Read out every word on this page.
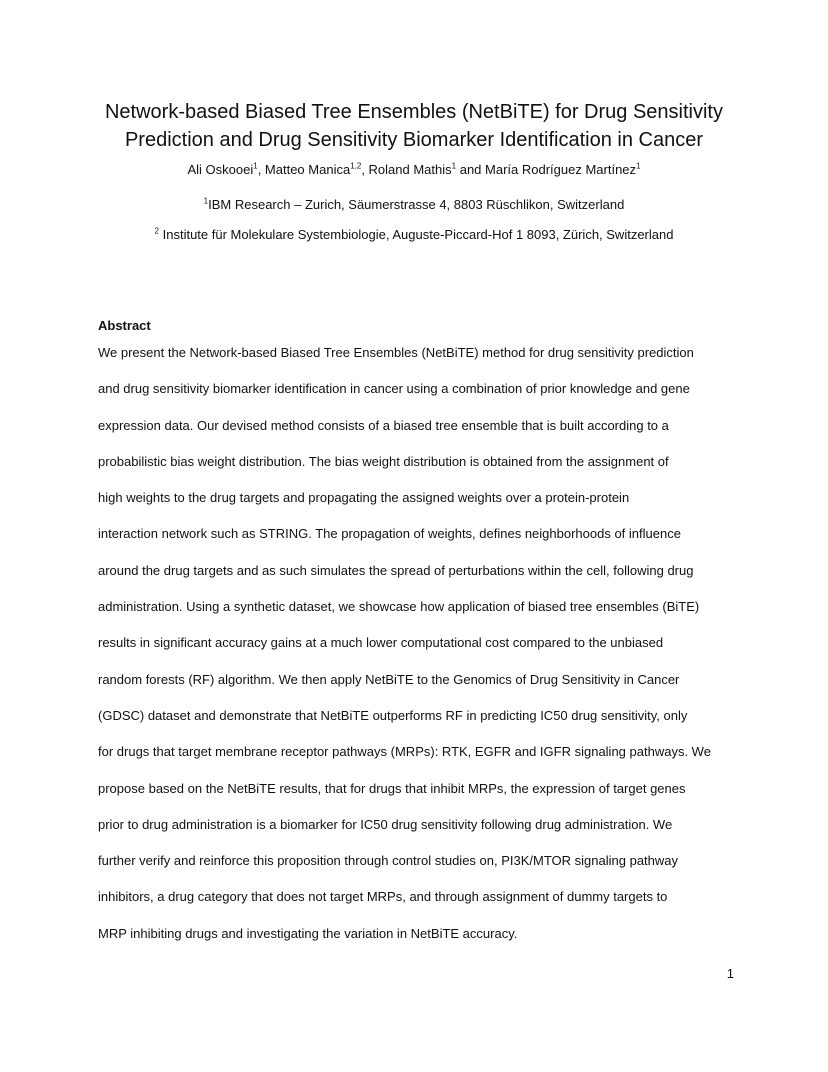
Network-based Biased Tree Ensembles (NetBiTE) for Drug Sensitivity
Prediction and Drug Sensitivity Biomarker Identification in Cancer
Ali Oskooei$^1$, Matteo Manica$^{1,2}$, Roland Mathis$^1$ and María Rodríguez Martínez$^1$
$^1$IBM Research – Zurich, Säumerstrasse 4, 8803 Rüschlikon, Switzerland
$^2$ Institute für Molekulare Systembiologie, Auguste-Piccard-Hof 1 8093, Zürich, Switzerland
Abstract
We present the Network-based Biased Tree Ensembles (NetBiTE) method for drug sensitivity prediction
and drug sensitivity biomarker identification in cancer using a combination of prior knowledge and gene
expression data. Our devised method consists of a biased tree ensemble that is built according to a
probabilistic bias weight distribution. The bias weight distribution is obtained from the assignment of
high weights to the drug targets and propagating the assigned weights over a protein-protein
interaction network such as STRING. The propagation of weights, defines neighborhoods of influence
around the drug targets and as such simulates the spread of perturbations within the cell, following drug
administration. Using a synthetic dataset, we showcase how application of biased tree ensembles (BiTE)
results in significant accuracy gains at a much lower computational cost compared to the unbiased
random forests (RF) algorithm. We then apply NetBiTE to the Genomics of Drug Sensitivity in Cancer
(GDSC) dataset and demonstrate that NetBiTE outperforms RF in predicting IC50 drug sensitivity, only
for drugs that target membrane receptor pathways (MRPs): RTK, EGFR and IGFR signaling pathways. We
propose based on the NetBiTE results, that for drugs that inhibit MRPs, the expression of target genes
prior to drug administration is a biomarker for IC50 drug sensitivity following drug administration. We
further verify and reinforce this proposition through control studies on, PI3K/MTOR signaling pathway
inhibitors, a drug category that does not target MRPs, and through assignment of dummy targets to
MRP inhibiting drugs and investigating the variation in NetBiTE accuracy.
1
